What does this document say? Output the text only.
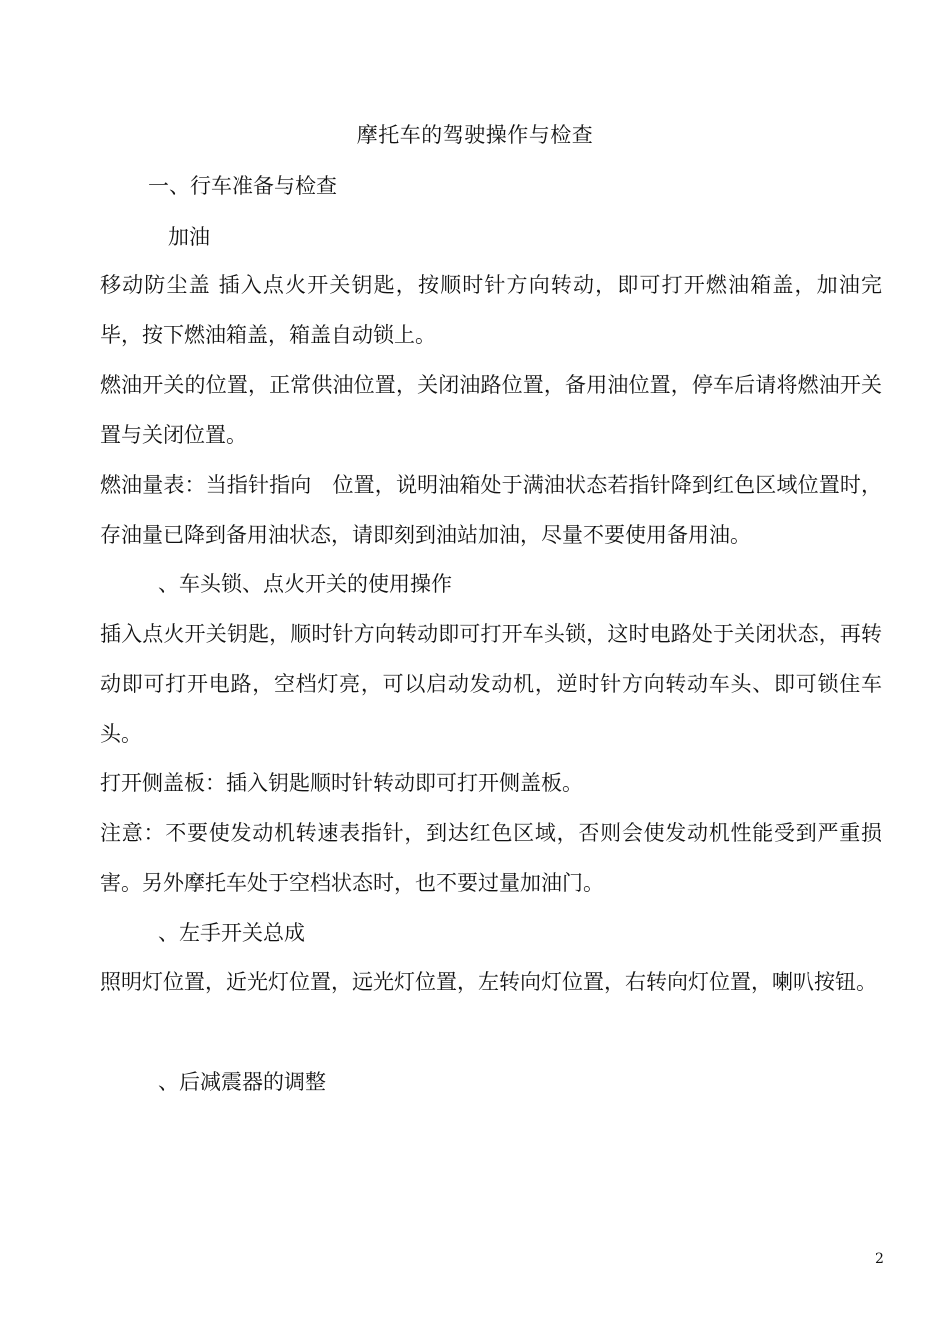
摩托车的驾驶操作与检查

一、行车准备与检查

加油

移动防尘盖 插入点火开关钥匙，按顺时针方向转动，即可打开燃油箱盖，加油完毕，按下燃油箱盖，箱盖自动锁上。

燃油开关的位置，正常供油位置，关闭油路位置，备用油位置，停车后请将燃油开关置与关闭位置。

燃油量表：当指针指向　位置，说明油箱处于满油状态若指针降到红色区域位置时，存油量已降到备用油状态，请即刻到油站加油，尽量不要使用备用油。

、车头锁、点火开关的使用操作

插入点火开关钥匙，顺时针方向转动即可打开车头锁，这时电路处于关闭状态，再转动即可打开电路，空档灯亮，可以启动发动机，逆时针方向转动车头、即可锁住车头。

打开侧盖板：插入钥匙顺时针转动即可打开侧盖板。

注意：不要使发动机转速表指针，到达红色区域，否则会使发动机性能受到严重损害。另外摩托车处于空档状态时，也不要过量加油门。

、左手开关总成

照明灯位置，近光灯位置，远光灯位置，左转向灯位置，右转向灯位置，喇叭按钮。

、后减震器的调整

2
